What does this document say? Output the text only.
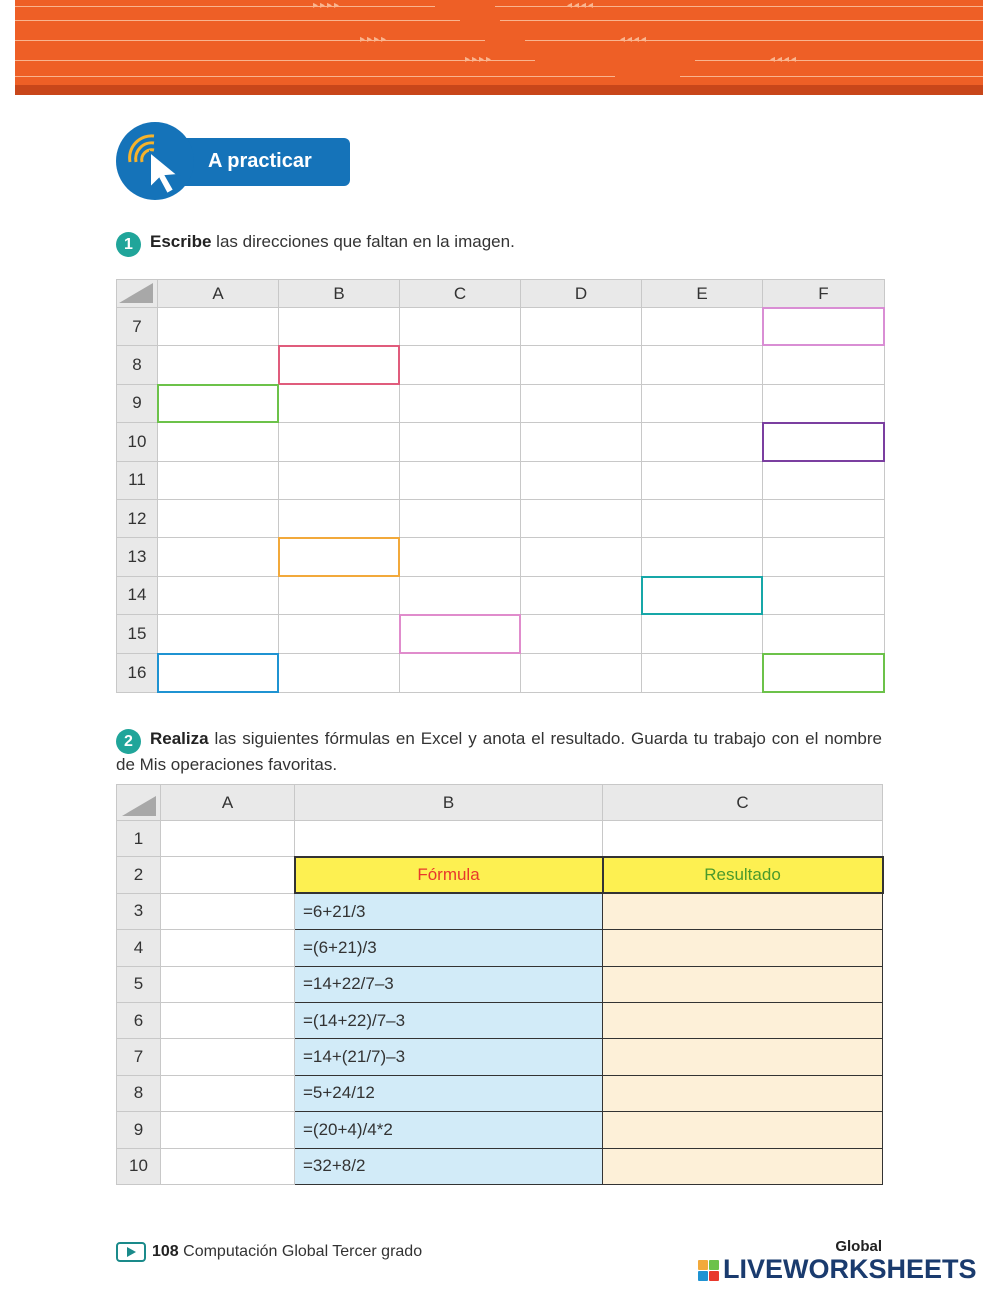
▸▸▸▸	◂◂◂◂
▸▸▸▸	◂◂◂◂
▸▸▸▸	◂◂◂◂
A practicar
1 Escribe las direcciones que faltan en la imagen.
	A	B	C	D	E	F
7						

8		

9	

10						

11						
12						
13		

14					

15			

16	

2 Realiza las siguientes fórmulas en Excel y anota el resultado. Guarda tu trabajo con el nombre de Mis operaciones favoritas.
	A	B	C
1			
2		Fórmula	Resultado
3		=6+21/3	
4		=(6+21)/3	
5		=14+22/7–3	
6		=(14+22)/7–3	
7		=14+(21/7)–3	
8		=5+24/12	
9		=(20+4)/4*2	
10		=32+8/2	
108 Computación Global Tercer grado	Global
LIVEWORKSHEETS
